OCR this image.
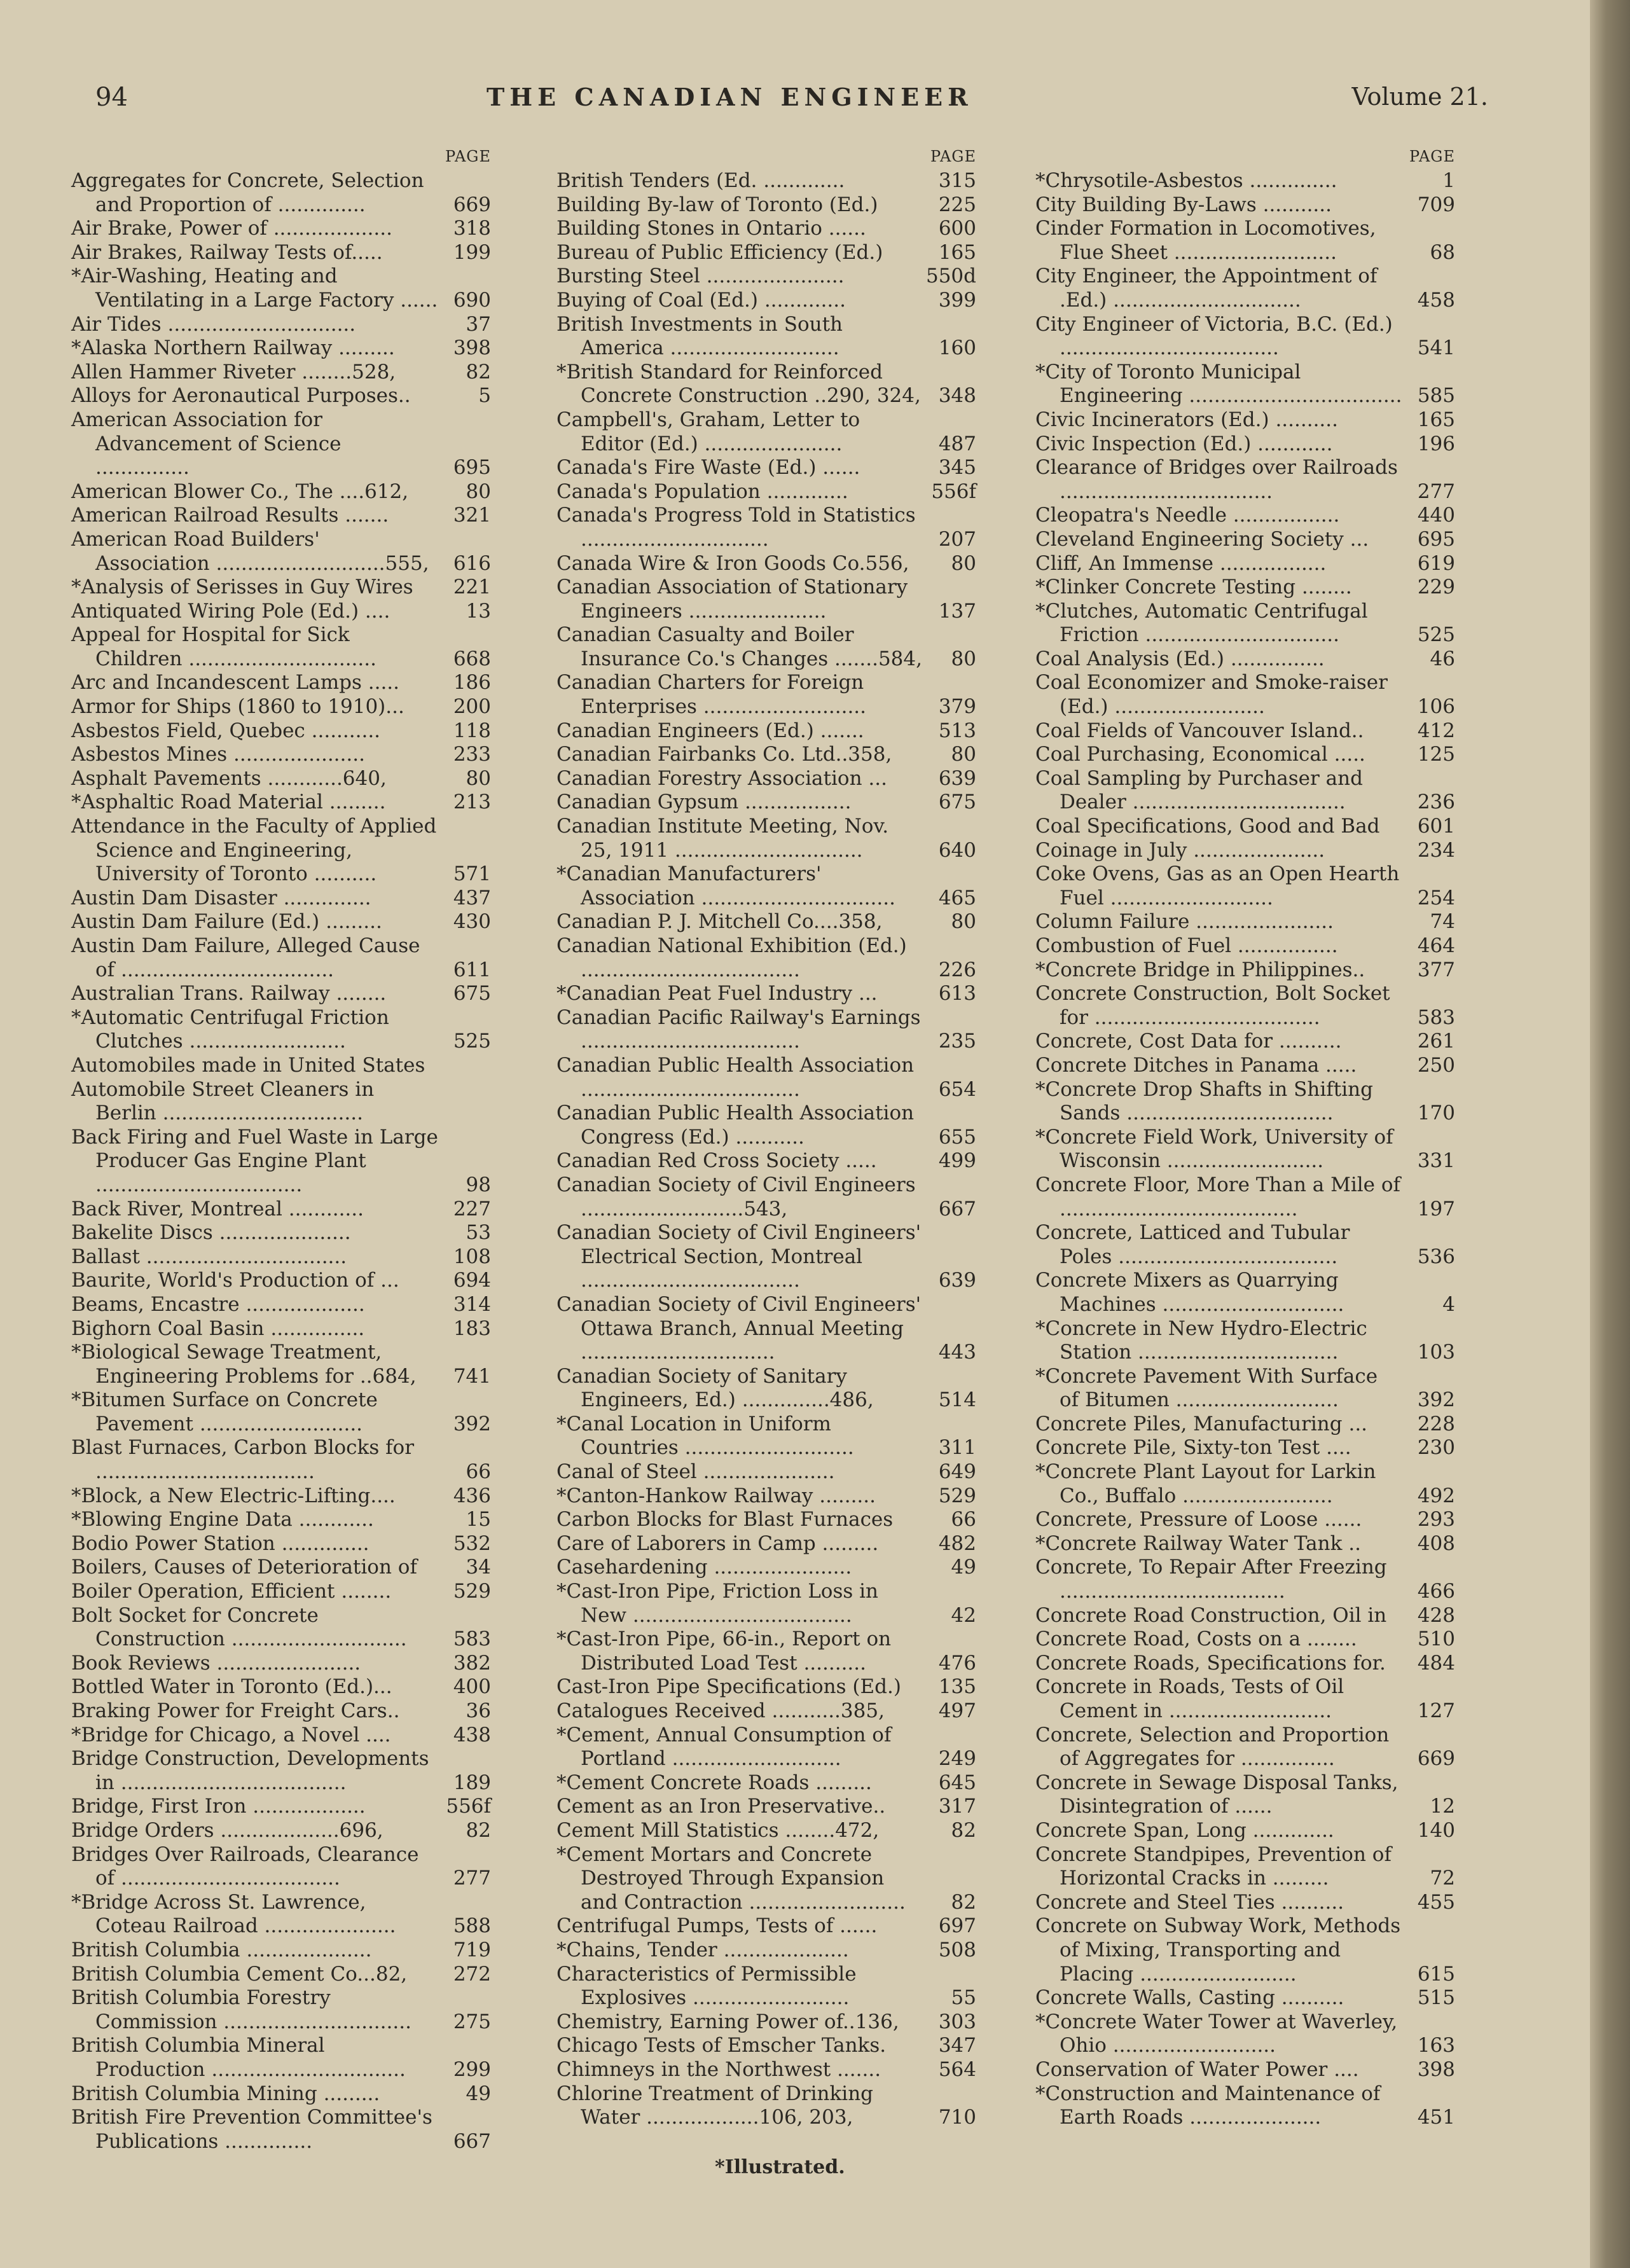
94	THE CANADIAN ENGINEER	Volume 21.
PAGE
Aggregates for Concrete, Selection and Proportion of ..............	669
Air Brake, Power of ...................	318
Air Brakes, Railway Tests of.....	199
*Air-Washing, Heating and Ventilating in a Large Factory ...... 690
Air Tides ..............................	37
*Alaska Northern Railway .........	398
Allen Hammer Riveter ........528,	82
Alloys for Aeronautical Purposes..	5
American Association for Advancement of Science ...............	695
American Blower Co., The ....612,	80
American Railroad Results .......	321
American Road Builders' Association ...........................555,	616
*Analysis of Serisses in Guy Wires	221
Antiquated Wiring Pole (Ed.) ....	13
Appeal for Hospital for Sick Children ..............................	668
Arc and Incandescent Lamps .....	186
Armor for Ships (1860 to 1910)...	200
Asbestos Field, Quebec ...........	118
Asbestos Mines .....................	233
Asphalt Pavements ............640,	80
*Asphaltic Road Material .........	213
Attendance in the Faculty of Applied Science and Engineering, University of Toronto ..........	571
Austin Dam Disaster ..............	437
Austin Dam Failure (Ed.) .........	430
Austin Dam Failure, Alleged Cause of ..................................	611
Australian Trans. Railway ........	675
*Automatic Centrifugal Friction Clutches .........................	525
Automobiles made in United States
Automobile Street Cleaners in Berlin ................................
Back Firing and Fuel Waste in Large Producer Gas Engine Plant .................................	98
Back River, Montreal ............	227
Bakelite Discs .....................	53
Ballast ................................	108
Baurite, World's Production of ...	694
Beams, Encastre ...................	314
Bighorn Coal Basin ...............	183
*Biological Sewage Treatment, Engineering Problems for ..684,	741
*Bitumen Surface on Concrete Pavement ..........................	392
Blast Furnaces, Carbon Blocks for ...................................	66
*Block, a New Electric-Lifting....	436
*Blowing Engine Data ............	15
Bodio Power Station ..............	532
Boilers, Causes of Deterioration of	34
Boiler Operation, Efficient ........	529
Bolt Socket for Concrete Construction ............................	583
Book Reviews .......................	382
Bottled Water in Toronto (Ed.)...	400
Braking Power for Freight Cars..	36
*Bridge for Chicago, a Novel ....	438
Bridge Construction, Developments in ....................................	189
Bridge, First Iron ..................	556f
Bridge Orders ...................696,	82
Bridges Over Railroads, Clearance of ...................................	277
*Bridge Across St. Lawrence, Coteau Railroad .....................	588
British Columbia ....................	719
British Columbia Cement Co...82,	272
British Columbia Forestry Commission ..............................	275
British Columbia Mineral Production ...............................	299
British Columbia Mining .........	49
British Fire Prevention Committee's Publications ..............	667
PAGE
British Tenders (Ed. .............	315
Building By-law of Toronto (Ed.)	225
Building Stones in Ontario ......	600
Bureau of Public Efficiency (Ed.)	165
Bursting Steel ......................	550d
Buying of Coal (Ed.) .............	399
British Investments in South America ...........................	160
*British Standard for Reinforced Concrete Construction ..290, 324, 348
Campbell's, Graham, Letter to Editor (Ed.) ......................	487
Canada's Fire Waste (Ed.) ......	345
Canada's Population .............	556f
Canada's Progress Told in Statistics ..............................	207
Canada Wire & Iron Goods Co.556,	80
Canadian Association of Stationary Engineers ......................	137
Canadian Casualty and Boiler Insurance Co.'s Changes .......584,	80
Canadian Charters for Foreign Enterprises ..........................	379
Canadian Engineers (Ed.) .......	513
Canadian Fairbanks Co. Ltd..358,	80
Canadian Forestry Association ...	639
Canadian Gypsum .................	675
Canadian Institute Meeting, Nov. 25, 1911 ..............................	640
*Canadian Manufacturers' Association ...............................	465
Canadian P. J. Mitchell Co....358,	80
Canadian National Exhibition (Ed.) ...................................	226
*Canadian Peat Fuel Industry ...	613
Canadian Pacific Railway's Earnings ...................................	235
Canadian Public Health Association ...................................	654
Canadian Public Health Association Congress (Ed.) ...........	655
Canadian Red Cross Society .....	499
Canadian Society of Civil Engineers ..........................543,	667
Canadian Society of Civil Engineers' Electrical Section, Montreal ...................................	639
Canadian Society of Civil Engineers' Ottawa Branch, Annual Meeting ...............................	443
Canadian Society of Sanitary Engineers, Ed.) ..............486,	514
*Canal Location in Uniform Countries ...........................	311
Canal of Steel .....................	649
*Canton-Hankow Railway .........	529
Carbon Blocks for Blast Furnaces	66
Care of Laborers in Camp .........	482
Casehardening ......................	49
*Cast-Iron Pipe, Friction Loss in New ...................................	42
*Cast-Iron Pipe, 66-in., Report on Distributed Load Test ..........	476
Cast-Iron Pipe Specifications (Ed.)	135
Catalogues Received ...........385,	497
*Cement, Annual Consumption of Portland ...........................	249
*Cement Concrete Roads .........	645
Cement as an Iron Preservative..	317
Cement Mill Statistics ........472,	82
*Cement Mortars and Concrete Destroyed Through Expansion and Contraction .........................	82
Centrifugal Pumps, Tests of ......	697
*Chains, Tender ....................	508
Characteristics of Permissible Explosives .........................	55
Chemistry, Earning Power of..136,	303
Chicago Tests of Emscher Tanks.	347
Chimneys in the Northwest .......	564
Chlorine Treatment of Drinking Water ..................106, 203,	710
PAGE
*Chrysotile-Asbestos ..............	1
City Building By-Laws ...........	709
Cinder Formation in Locomotives, Flue Sheet ..........................	68
City Engineer, the Appointment of .Ed.) ..............................	458
City Engineer of Victoria, B.C. (Ed.) ...................................	541
*City of Toronto Municipal Engineering .................................. 585
Civic Incinerators (Ed.) ..........	165
Civic Inspection (Ed.) ............	196
Clearance of Bridges over Railroads ..................................	277
Cleopatra's Needle .................	440
Cleveland Engineering Society ...	695
Cliff, An Immense .................	619
*Clinker Concrete Testing ........	229
*Clutches, Automatic Centrifugal Friction ...............................	525
Coal Analysis (Ed.) ...............	46
Coal Economizer and Smoke-raiser (Ed.) ........................	106
Coal Fields of Vancouver Island..	412
Coal Purchasing, Economical .....	125
Coal Sampling by Purchaser and Dealer ..................................	236
Coal Specifications, Good and Bad	601
Coinage in July .....................	234
Coke Ovens, Gas as an Open Hearth Fuel ..........................	254
Column Failure ......................	74
Combustion of Fuel ................	464
*Concrete Bridge in Philippines..	377
Concrete Construction, Bolt Socket for ....................................	583
Concrete, Cost Data for ..........	261
Concrete Ditches in Panama .....	250
*Concrete Drop Shafts in Shifting Sands .................................	170
*Concrete Field Work, University of Wisconsin .........................	331
Concrete Floor, More Than a Mile of ......................................	197
Concrete, Latticed and Tubular Poles ...................................	536
Concrete Mixers as Quarrying Machines .............................	4
*Concrete in New Hydro-Electric Station ................................	103
*Concrete Pavement With Surface of Bitumen ..........................	392
Concrete Piles, Manufacturing ...	228
Concrete Pile, Sixty-ton Test ....	230
*Concrete Plant Layout for Larkin Co., Buffalo ........................	492
Concrete, Pressure of Loose ......	293
*Concrete Railway Water Tank ..	408
Concrete, To Repair After Freezing ....................................	466
Concrete Road Construction, Oil in	428
Concrete Road, Costs on a ........	510
Concrete Roads, Specifications for.	484
Concrete in Roads, Tests of Oil Cement in ..........................	127
Concrete, Selection and Proportion of Aggregates for ...............	669
Concrete in Sewage Disposal Tanks, Disintegration of ......	12
Concrete Span, Long .............	140
Concrete Standpipes, Prevention of Horizontal Cracks in .........	72
Concrete and Steel Ties ..........	455
Concrete on Subway Work, Methods of Mixing, Transporting and Placing .........................	615
Concrete Walls, Casting ..........	515
*Concrete Water Tower at Waverley, Ohio ..........................	163
Conservation of Water Power ....	398
*Construction and Maintenance of Earth Roads .....................	451
*Illustrated.
